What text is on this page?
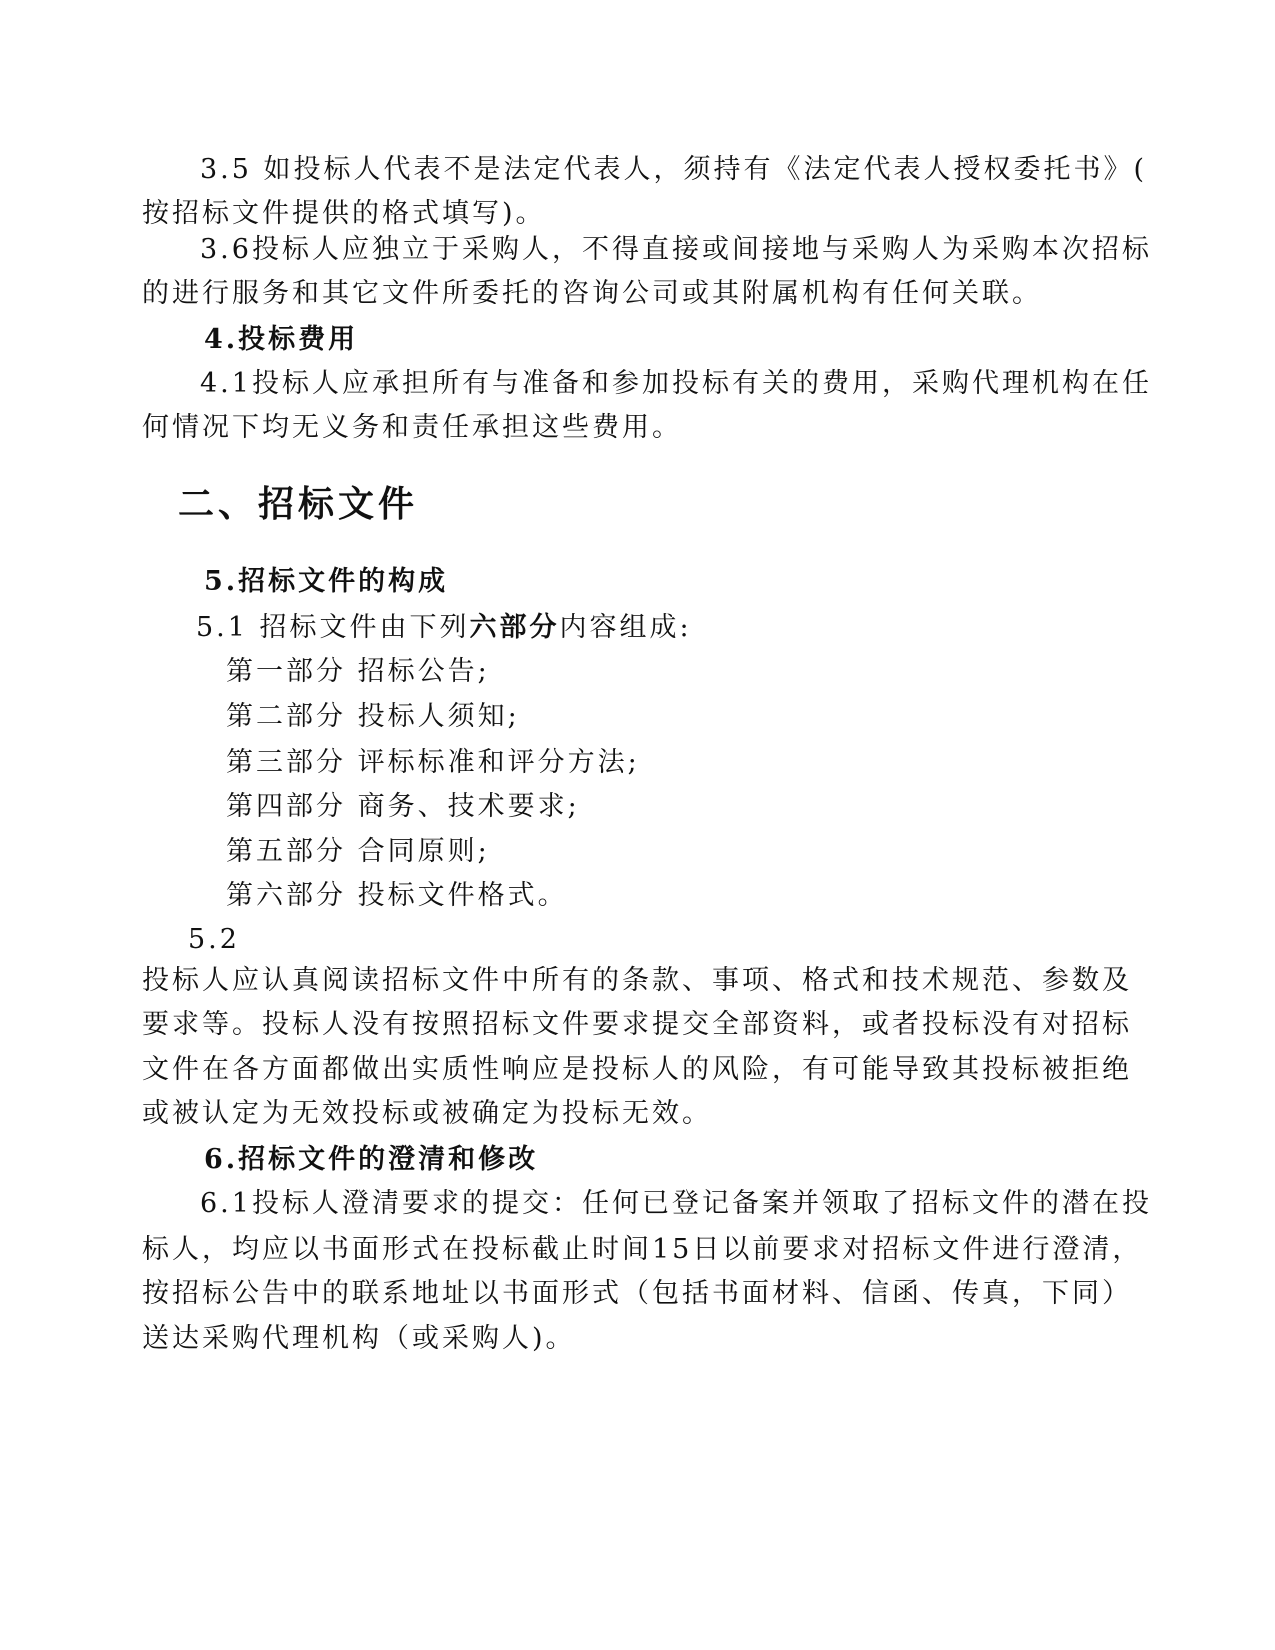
3.5 如投标人代表不是法定代表人，须持有《法定代表人授权委托书》(
按招标文件提供的格式填写)。
3.6投标人应独立于采购人，不得直接或间接地与采购人为采购本次招标
的进行服务和其它文件所委托的咨询公司或其附属机构有任何关联。
4.投标费用
4.1投标人应承担所有与准备和参加投标有关的费用，采购代理机构在任
何情况下均无义务和责任承担这些费用。
二、招标文件
5.招标文件的构成
5.1 招标文件由下列六部分内容组成:
第一部分 招标公告;
第二部分 投标人须知;
第三部分 评标标准和评分方法;
第四部分 商务、技术要求;
第五部分 合同原则;
第六部分 投标文件格式。
5.2
投标人应认真阅读招标文件中所有的条款、事项、格式和技术规范、参数及
要求等。投标人没有按照招标文件要求提交全部资料，或者投标没有对招标
文件在各方面都做出实质性响应是投标人的风险，有可能导致其投标被拒绝
或被认定为无效投标或被确定为投标无效。
6.招标文件的澄清和修改
6.1投标人澄清要求的提交：任何已登记备案并领取了招标文件的潜在投
标人，均应以书面形式在投标截止时间15日以前要求对招标文件进行澄清，
按招标公告中的联系地址以书面形式（包括书面材料、信函、传真，下同）
送达采购代理机构（或采购人)。
